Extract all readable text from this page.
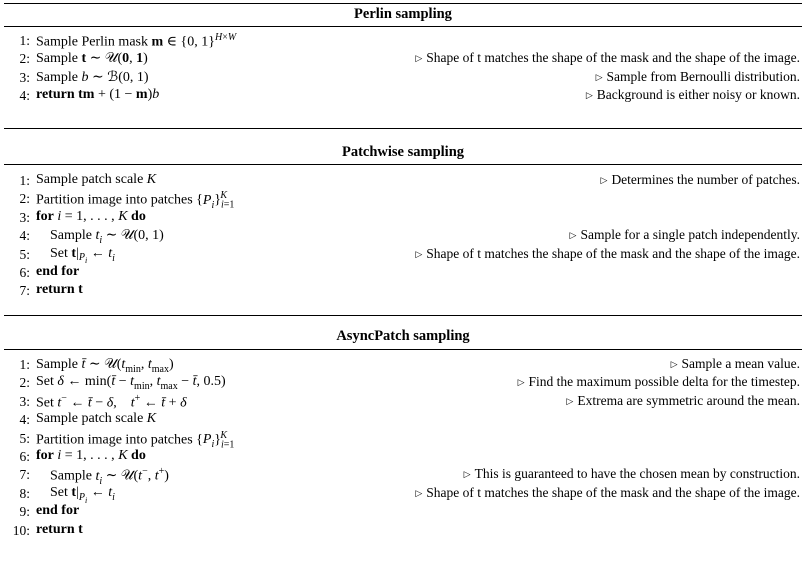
Perlin sampling
1: Sample Perlin mask m ∈ {0, 1}$^{H\times W}$
2: Sample t ∼ 𝒰(0, 1)	▷ Shape of t matches the shape of the mask and the shape of the image.
3: Sample b ∼ ℬ(0, 1)	▷ Sample from Bernoulli distribution.
4: return tm + (1 − m)b	▷ Background is either noisy or known.
Patchwise sampling
1: Sample patch scale K	▷ Determines the number of patches.
2: Partition image into patches $\{P_i\}_{i=1}^K$
3: for i = 1, . . . , K do
4: Sample $t_i$ ∼ 𝒰(0, 1)	▷ Sample for a single patch independently.
5: Set $t|_{P_i}$ ← $t_i$	▷ Shape of t matches the shape of the mask and the shape of the image.
6: end for
7: return t
AsyncPatch sampling
1: Sample t̄ ∼ $𝒰(t_{min}$, $t_{max}$)	▷ Sample a mean value.
2: Set δ ← min(t̄ − $t_{min}$, $t_{max}$ − t̄, 0.5)	▷ Find the maximum possible delta for the timestep.
3: Set t− ← t̄ − δ,    t+ ← t̄ + δ	▷ Extrema are symmetric around the mean.
4: Sample patch scale K
5: Partition image into patches $\{P_i\}_{i=1}^K$
6: for i = 1, . . . , K do
7: Sample $t_i$ ∼ 𝒰(t−, t+)	▷ This is guaranteed to have the chosen mean by construction.
8: Set $t|_{P_i}$ ← $t_i$	▷ Shape of t matches the shape of the mask and the shape of the image.
9: end for
10: return t
